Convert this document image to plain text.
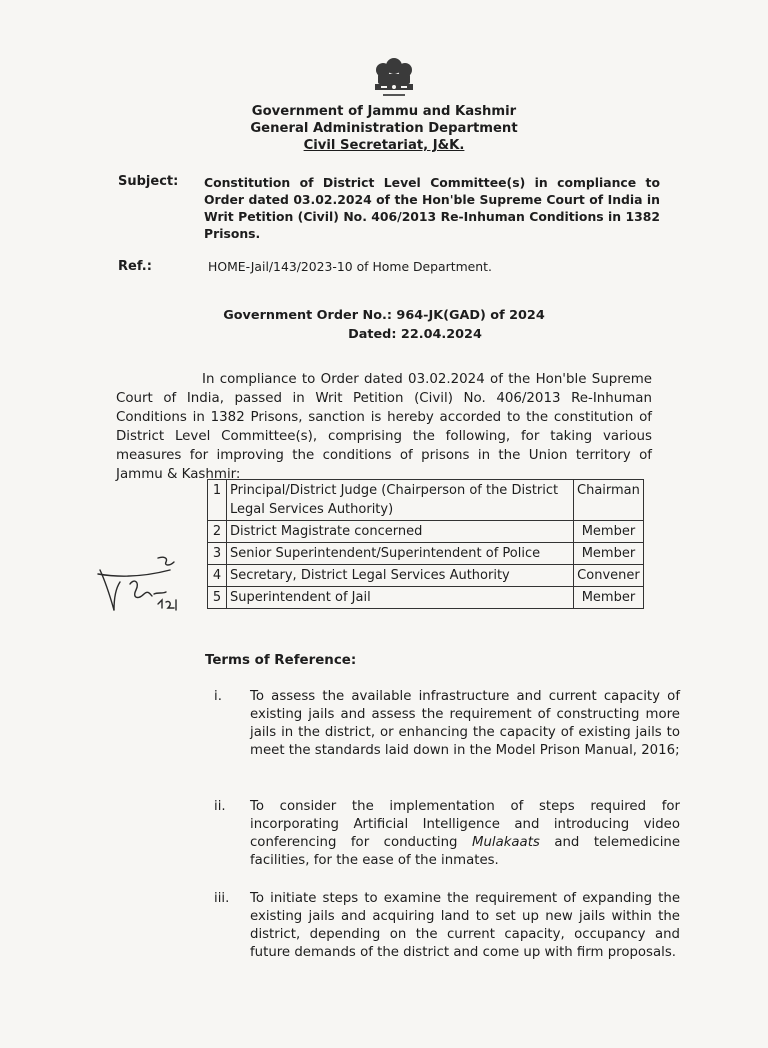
Government of Jammu and Kashmir
General Administration Department
Civil Secretariat, J&K.
Subject: Constitution of District Level Committee(s) in compliance to Order dated 03.02.2024 of the Hon'ble Supreme Court of India in Writ Petition (Civil) No. 406/2013 Re-Inhuman Conditions in 1382 Prisons.
Ref.:	HOME-Jail/143/2023-10 of Home Department.
Government Order No.: 964-JK(GAD) of 2024
Dated: 22.04.2024
In compliance to Order dated 03.02.2024 of the Hon'ble Supreme Court of India, passed in Writ Petition (Civil) No. 406/2013 Re-Inhuman Conditions in 1382 Prisons, sanction is hereby accorded to the constitution of District Level Committee(s), comprising the following, for taking various measures for improving the conditions of prisons in the Union territory of Jammu & Kashmir:
1	Principal/District Judge (Chairperson of the District Legal Services Authority)	Chairman
2	District Magistrate concerned	Member
3	Senior Superintendent/Superintendent of Police	Member
4	Secretary, District Legal Services Authority	Convener
5	Superintendent of Jail	Member
Terms of Reference:
i.	To assess the available infrastructure and current capacity of existing jails and assess the requirement of constructing more jails in the district, or enhancing the capacity of existing jails to meet the standards laid down in the Model Prison Manual, 2016;
ii.	To consider the implementation of steps required for incorporating Artificial Intelligence and introducing video conferencing for conducting Mulakaats and telemedicine facilities, for the ease of the inmates.
iii.	To initiate steps to examine the requirement of expanding the existing jails and acquiring land to set up new jails within the district, depending on the current capacity, occupancy and future demands of the district and come up with firm proposals.
